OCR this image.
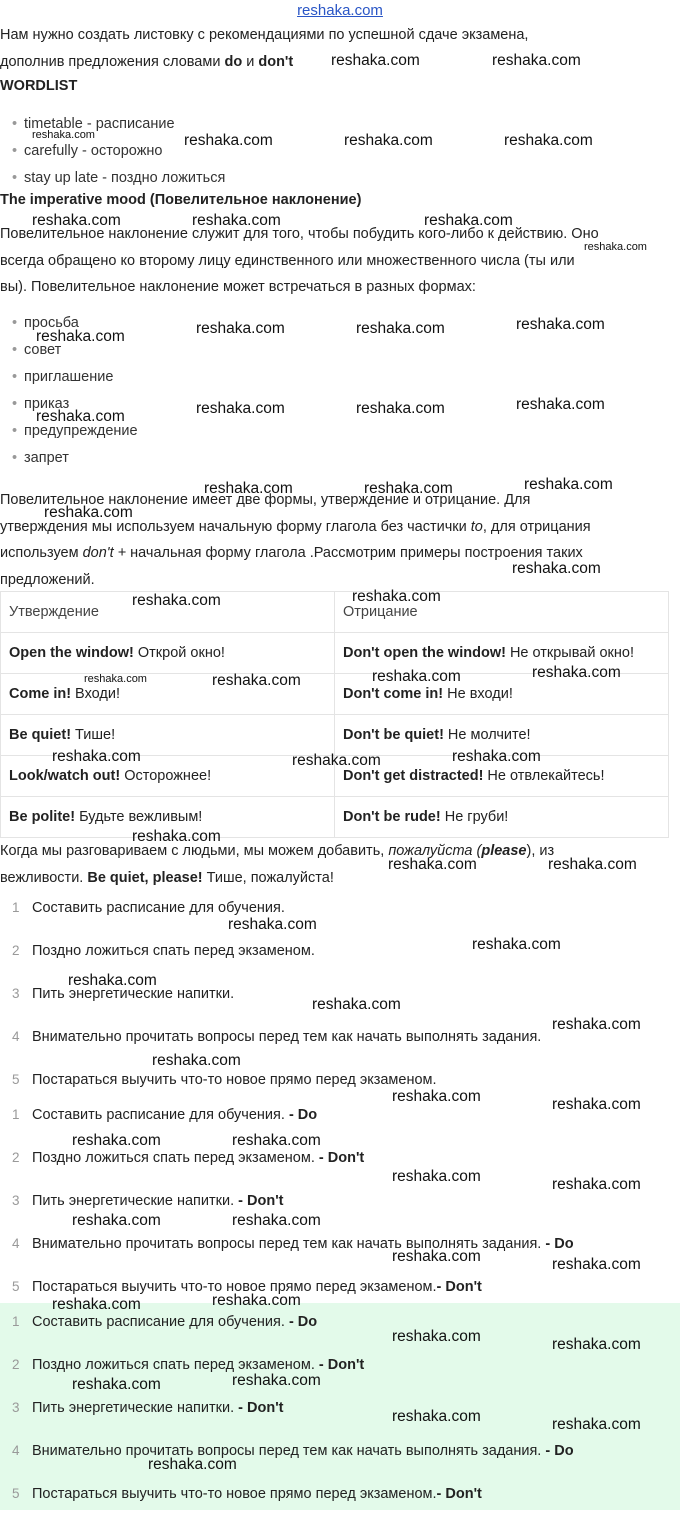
reshaka.com
Нам нужно создать листовку с рекомендациями по успешной сдаче экзамена,
дополнив предложения словами do и don't
WORDLIST
• timetable - расписание
• carefully - осторожно
• stay up late - поздно ложиться
The imperative mood (Повелительное наклонение)
Повелительное наклонение служит для того, чтобы побудить кого-либо к действию. Оно
всегда обращено ко второму лицу единственного или множественного числа (ты или
вы). Повелительное наклонение может встречаться в разных формах:
• просьба
• совет
• приглашение
• приказ
• предупреждение
• запрет
Повелительное наклонение имеет две формы, утверждение и отрицание. Для
утверждения мы используем начальную форму глагола без частички to, для отрицания
используем don't + начальная форму глагола .Рассмотрим примеры построения таких
предложений.
Утверждение	Отрицание
Open the window! Открой окно!	Don't open the window! Не открывай окно!
Come in! Входи!	Don't come in! Не входи!
Be quiet! Тише!	Don't be quiet! Не молчите!
Look/watch out! Осторожнее!	Don't get distracted! Не отвлекайтесь!
Be polite! Будьте вежливым!	Don't be rude! Не груби!
Когда мы разговариваем с людьми, мы можем добавить, пожалуйста (please), из
вежливости. Be quiet, please! Тише, пожалуйста!
1 Составить расписание для обучения.
2 Поздно ложиться спать перед экзаменом.
3 Пить энергетические напитки.
4 Внимательно прочитать вопросы перед тем как начать выполнять задания.
5 Постараться выучить что-то новое прямо перед экзаменом.
1 Составить расписание для обучения. - Do
2 Поздно ложиться спать перед экзаменом. - Don't
3 Пить энергетические напитки. - Don't
4 Внимательно прочитать вопросы перед тем как начать выполнять задания. - Do
5 Постараться выучить что-то новое прямо перед экзаменом.- Don't
1 Составить расписание для обучения. - Do
2 Поздно ложиться спать перед экзаменом. - Don't
3 Пить энергетические напитки. - Don't
4 Внимательно прочитать вопросы перед тем как начать выполнять задания. - Do
5 Постараться выучить что-то новое прямо перед экзаменом.- Don't
reshaka.com	reshaka.com
reshaka.com	reshaka.com	reshaka.com	reshaka.com
reshaka.com	reshaka.com	reshaka.com
reshaka.com
reshaka.com	reshaka.com	reshaka.com
reshaka.com
reshaka.com	reshaka.com	reshaka.com
reshaka.com
reshaka.com
reshaka.com	reshaka.com	reshaka.com
reshaka.com
reshaka.com	reshaka.com
reshaka.com	reshaka.com
reshaka.com	reshaka.com
reshaka.com	reshaka.com	reshaka.com
reshaka.com
reshaka.com	reshaka.com
reshaka.com
reshaka.com
reshaka.com
reshaka.com
reshaka.com
reshaka.com
reshaka.com	reshaka.com
reshaka.com	reshaka.com
reshaka.com	reshaka.com
reshaka.com	reshaka.com
reshaka.com	reshaka.com
reshaka.com	reshaka.com
reshaka.com	reshaka.com
reshaka.com	reshaka.com
reshaka.com	reshaka.com
reshaka.com
